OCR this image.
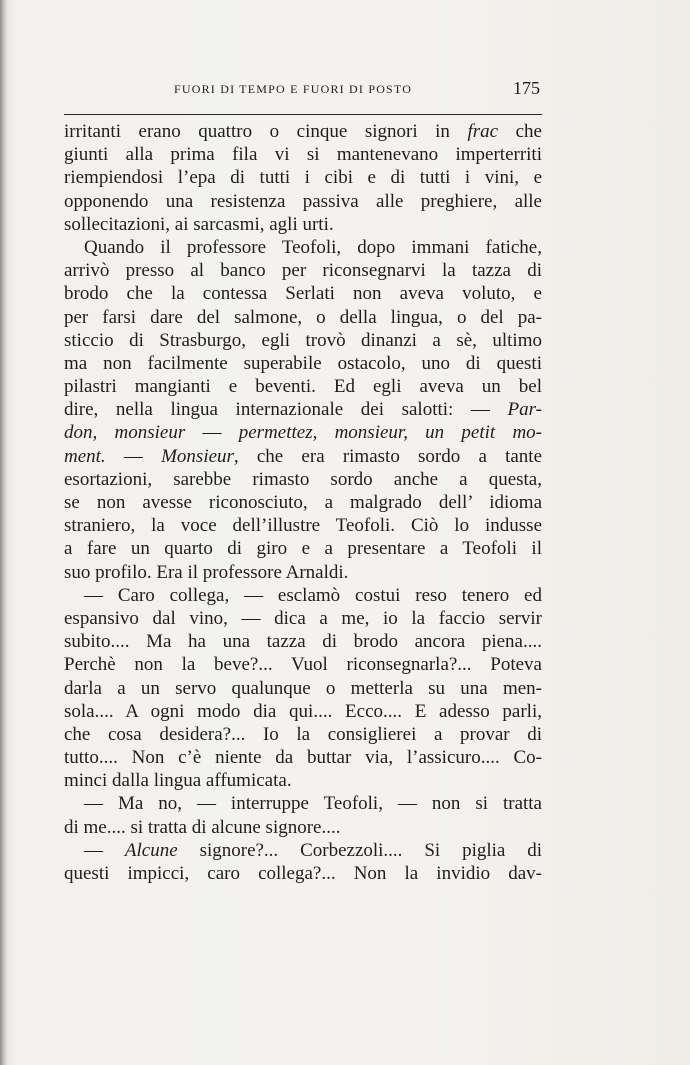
FUORI DI TEMPO E FUORI DI POSTO	175
irritanti erano quattro o cinque signori in frac che
giunti alla prima fila vi si mantenevano imperterriti
riempiendosi l’epa di tutti i cibi e di tutti i vini, e
opponendo una resistenza passiva alle preghiere, alle
sollecitazioni, ai sarcasmi, agli urti.
Quando il professore Teofoli, dopo immani fatiche,
arrivò presso al banco per riconsegnarvi la tazza di
brodo che la contessa Serlati non aveva voluto, e
per farsi dare del salmone, o della lingua, o del pa-
sticcio di Strasburgo, egli trovò dinanzi a sè, ultimo
ma non facilmente superabile ostacolo, uno di questi
pilastri mangianti e beventi. Ed egli aveva un bel
dire, nella lingua internazionale dei salotti: — Par-
don, monsieur — permettez, monsieur, un petit mo-
ment. — Monsieur, che era rimasto sordo a tante
esortazioni, sarebbe rimasto sordo anche a questa,
se non avesse riconosciuto, a malgrado dell’ idioma
straniero, la voce dell’illustre Teofoli. Ciò lo indusse
a fare un quarto di giro e a presentare a Teofoli il
suo profilo. Era il professore Arnaldi.
— Caro collega, — esclamò costui reso tenero ed
espansivo dal vino, — dica a me, io la faccio servir
subito.... Ma ha una tazza di brodo ancora piena....
Perchè non la beve?... Vuol riconsegnarla?... Poteva
darla a un servo qualunque o metterla su una men-
sola.... A ogni modo dia qui.... Ecco.... E adesso parli,
che cosa desidera?... Io la consiglierei a provar di
tutto.... Non c’è niente da buttar via, l’assicuro.... Co-
minci dalla lingua affumicata.
— Ma no, — interruppe Teofoli, — non si tratta
di me.... si tratta di alcune signore....
— Alcune signore?... Corbezzoli.... Si piglia di
questi impicci, caro collega?... Non la invidio dav-
